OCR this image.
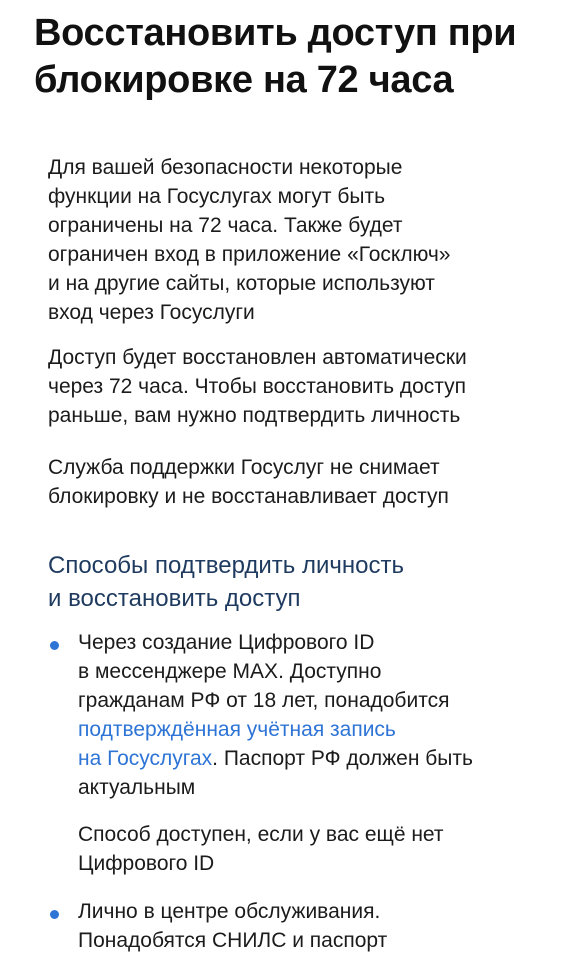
Восстановить доступ при
блокировке на 72 часа

Для вашей безопасности некоторые
функции на Госуслугах могут быть
ограничены на 72 часа. Также будет
ограничен вход в приложение «Госключ»
и на другие сайты, которые используют
вход через Госуслуги

Доступ будет восстановлен автоматически
через 72 часа. Чтобы восстановить доступ
раньше, вам нужно подтвердить личность

Служба поддержки Госуслуг не снимает
блокировку и не восстанавливает доступ

Способы подтвердить личность
и восстановить доступ

Через создание Цифрового ID
в мессенджере MAX. Доступно
гражданам РФ от 18 лет, понадобится
подтверждённая учётная запись
на Госуслугах. Паспорт РФ должен быть
актуальным

Способ доступен, если у вас ещё нет
Цифрового ID

Лично в центре обслуживания.
Понадобятся СНИЛС и паспорт
